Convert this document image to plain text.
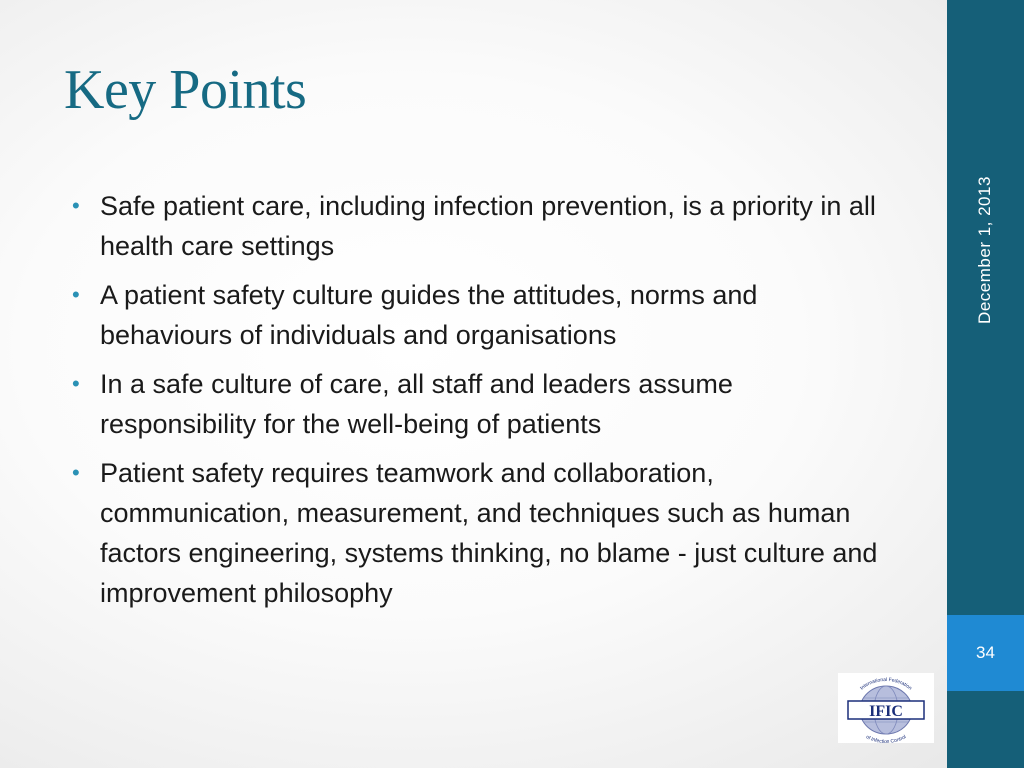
Key Points
• Safe patient care, including infection prevention, is a priority in all health care settings
• A patient safety culture guides the attitudes, norms and behaviours of individuals and organisations
• In a safe culture of care, all staff and leaders assume responsibility for the well-being of patients
• Patient safety requires teamwork and collaboration, communication, measurement, and techniques such as human factors engineering, systems thinking, no blame - just culture and improvement philosophy
December 1, 2013
34
IFIC
International Federation
of Infection Control
